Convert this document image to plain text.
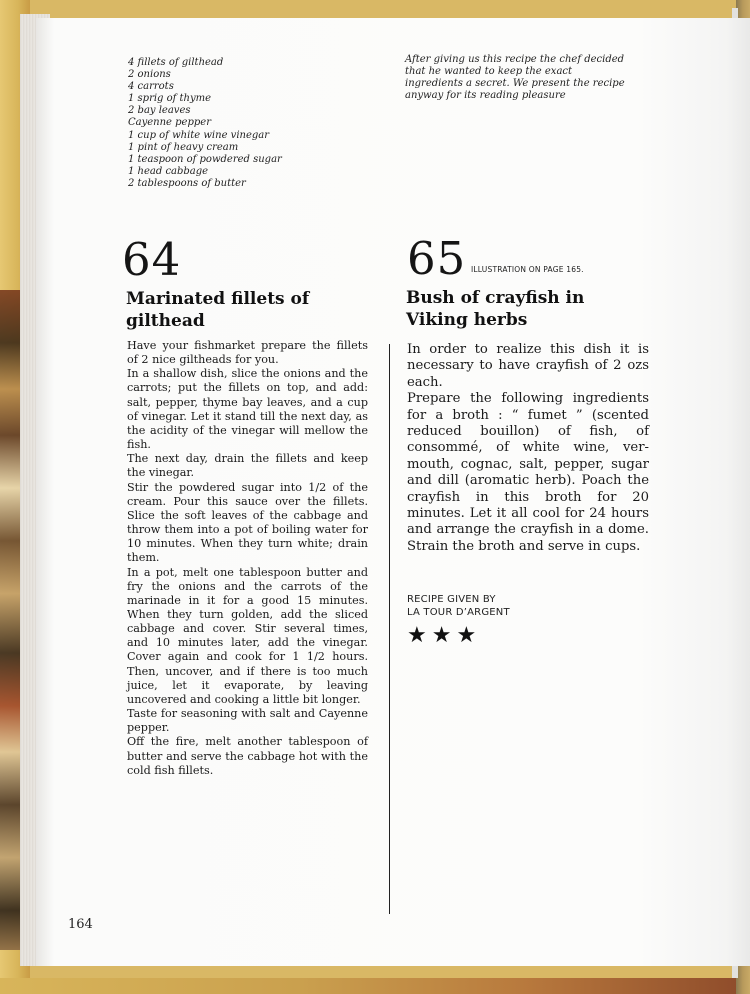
4 fillets of gilthead
2 onions
4 carrots
1 sprig of thyme
2 bay leaves
Cayenne pepper
1 cup of white wine vinegar
1 pint of heavy cream
1 teaspoon of powdered sugar
1 head cabbage
2 tablespoons of butter
After giving us this recipe the chef decided that he wanted to keep the exact ingredients a secret. We present the recipe anyway for its reading pleasure
64	65 ILLUSTRATION ON PAGE 165.
Marinated fillets of gilthead
Bush of crayfish in Viking herbs

Have your fishmarket prepare the fillets of 2 nice giltheads for you.

In a shallow dish, slice the onions and the carrots; put the fillets on top, and add: salt, pepper, thyme bay leaves, and a cup of vinegar. Let it stand till the next day, as the acidity of the vinegar will mellow the fish.

The next day, drain the fillets and keep the vinegar.

Stir the powdered sugar into 1/2 of the cream. Pour this sauce over the fillets. Slice the soft leaves of the cabbage and throw them into a pot of boiling water for 10 minutes. When they turn white; drain them.

In a pot, melt one tablespoon butter and fry the onions and the carrots of the marinade in it for a good 15 minutes. When they turn golden, add the sliced cabbage and cover. Stir several times, and 10 minutes later, add the vinegar. Cover again and cook for 1 1/2 hours. Then, uncover, and if there is too much juice, let it evaporate, by leaving uncovered and cooking a little bit longer.

Taste for seasoning with salt and Cayenne pepper.

Off the fire, melt another tablespoon of butter and serve the cabbage hot with the cold fish fillets.

In order to realize this dish it is necessary to have crayfish of 2 ozs each.

Prepare the following ingredients for a broth : “ fumet ” (scented reduced bouillon) of fish, of consommé, of white wine, ver-mouth, cognac, salt, pepper, sugar and dill (aromatic herb). Poach the crayfish in this broth for 20 minutes. Let it all cool for 24 hours and arrange the crayfish in a dome. Strain the broth and serve in cups.

RECIPE GIVEN BY
LA TOUR D’ARGENT
★★★
164
